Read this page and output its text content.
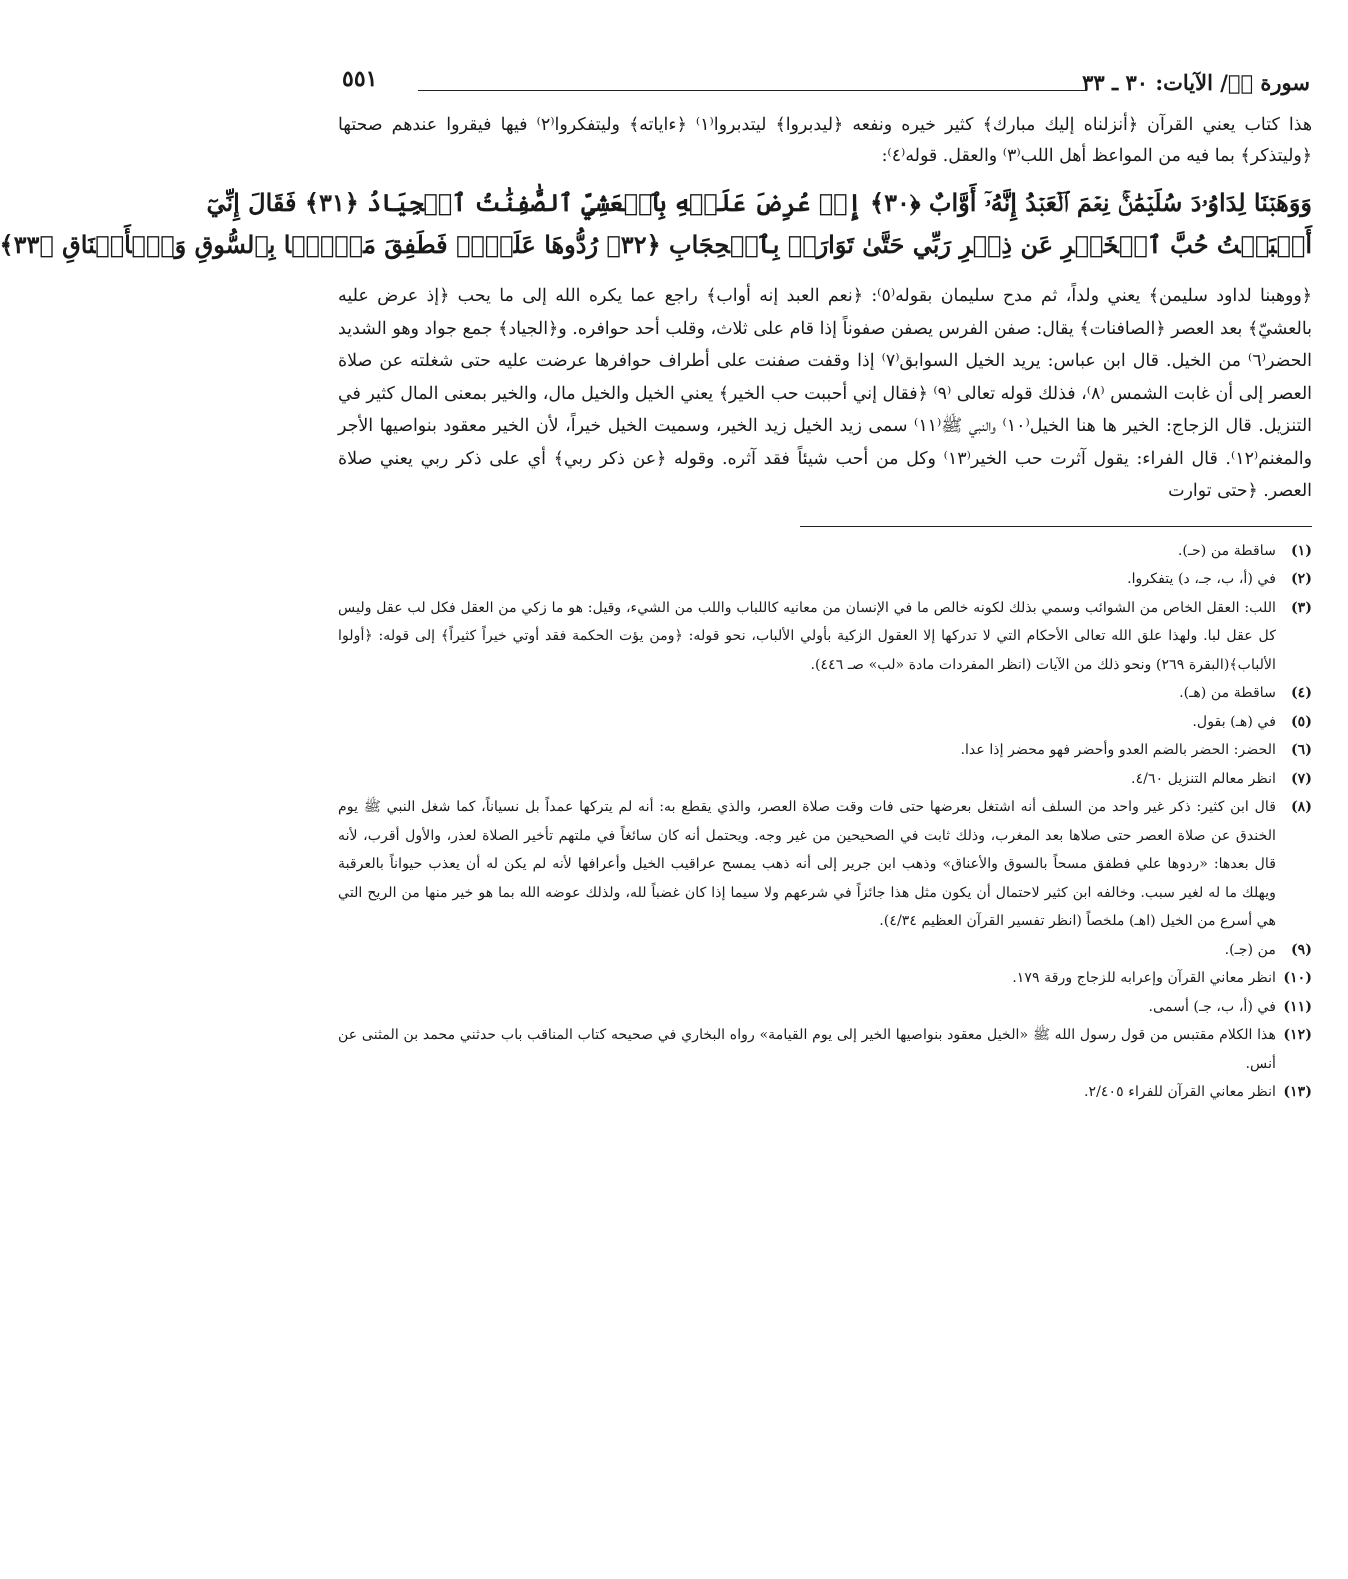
سورة صۤ/ الآيات: ٣٠ ـ ٣٣
٥٥١
هذا كتاب يعني القرآن ﴿أنزلناه إليك مبارك﴾ كثير خيره ونفعه ﴿ليدبروا﴾ ليتدبروا⁽١⁾ ﴿ءاياته﴾ وليتفكروا⁽٢⁾ فيها فيقروا عندهم صحتها ﴿وليتذكر﴾ بما فيه من المواعظ أهل اللب⁽٣⁾ والعقل. قوله⁽٤⁾:
وَوَهَبۡنَا لِدَاوُۥدَ سُلَيۡمَٰنَۚ نِعۡمَ ٱلۡعَبۡدُ إِنَّهُۥٓ أَوَّابٌ ﴿٣٠﴾ إِذۡ عُرِضَ عَلَيۡهِ بِٱلۡعَشِيِّ ٱلصَّٰفِنَٰتُ ٱلۡجِيَادُ ﴿٣١﴾ فَقَالَ إِنِّيٓ
أَحۡبَبۡتُ حُبَّ ٱلۡخَيۡرِ عَن ذِكۡرِ رَبِّي حَتَّىٰ تَوَارَتۡ بِٱلۡحِجَابِ ﴿٣٢﴾ رُدُّوهَا عَلَيَّۖ فَطَفِقَ مَسۡحَۢا بِٱلسُّوقِ وَٱلۡأَعۡنَاقِ ﴿٣٣﴾

﴿ووهبنا لداود سليمن﴾ يعني ولداً، ثم مدح سليمان بقوله⁽٥⁾: ﴿نعم العبد إنه أواب﴾ راجع عما يكره الله إلى ما يحب ﴿إذ عرض عليه بالعشيّ﴾ بعد العصر ﴿الصافنات﴾ يقال: صفن الفرس يصفن صفوناً إذا قام على ثلاث، وقلب أحد حوافره. و﴿الجياد﴾ جمع جواد وهو الشديد الحضر⁽٦⁾ من الخيل. قال ابن عباس: يريد الخيل السوابق⁽٧⁾ إذا وقفت صفنت على أطراف حوافرها عرضت عليه حتى شغلته عن صلاة العصر إلى أن غابت الشمس ⁽٨⁾، فذلك قوله تعالى ⁽٩⁾ ﴿فقال إني أحببت حب الخير﴾ يعني الخيل والخيل مال، والخير بمعنى المال كثير في التنزيل. قال الزجاج: الخير ها هنا الخيل⁽١٠⁾ والنبي ﷺ⁽١١⁾ سمى زيد الخيل زيد الخير، وسميت الخيل خيراً، لأن الخير معقود بنواصيها الأجر والمغنم⁽١٢⁾. قال الفراء: يقول آثرت حب الخير⁽١٣⁾ وكل من أحب شيئاً فقد آثره. وقوله ﴿عن ذكر ربي﴾ أي على ذكر ربي يعني صلاة العصر. ﴿حتى توارت

(١)
ساقطة من (حـ).
(٢)
في (أ، ب، جـ، د) يتفكروا.
(٣)
اللب: العقل الخاص من الشوائب وسمي بذلك لكونه خالص ما في الإنسان من معانيه كاللباب واللب من الشيء، وقيل: هو ما زكي من العقل فكل لب عقل وليس كل عقل لبا. ولهذا علق الله تعالى الأحكام التي لا تدركها إلا العقول الزكية بأولي الألباب، نحو قوله: ﴿ومن يؤت الحكمة فقد أوتي خيراً كثيراً﴾ إلى قوله: ﴿أولوا الألباب﴾(البقرة ٢٦٩) ونحو ذلك من الآيات (انظر المفردات مادة «لب» صـ ٤٤٦).
(٤)
ساقطة من (هـ).
(٥)
في (هـ) بقول.
(٦)
الحضر: الحضر بالضم العدو وأحضر فهو محضر إذا عدا.
(٧)
انظر معالم التنزيل ٤/٦٠.
(٨)
قال ابن كثير: ذكر غير واحد من السلف أنه اشتغل بعرضها حتى فات وقت صلاة العصر، والذي يقطع به: أنه لم يتركها عمداً بل نسياناً، كما شغل النبي ﷺ يوم الخندق عن صلاة العصر حتى صلاها بعد المغرب، وذلك ثابت في الصحيحين من غير وجه. ويحتمل أنه كان سائغاً في ملتهم تأخير الصلاة لعذر، والأول أقرب، لأنه قال بعدها: «ردوها علي فطفق مسحاً بالسوق والأعناق» وذهب ابن جرير إلى أنه ذهب يمسح عراقيب الخيل وأعرافها لأنه لم يكن له أن يعذب حيواناً بالعرقبة ويهلك ما له لغير سبب. وخالفه ابن كثير لاحتمال أن يكون مثل هذا جائزاً في شرعهم ولا سيما إذا كان غضباً لله، ولذلك عوضه الله بما هو خير منها من الريح التي هي أسرع من الخيل (اهـ) ملخصاً (انظر تفسير القرآن العظيم ٤/٣٤).
(٩)
من (جـ).
(١٠)
انظر معاني القرآن وإعرابه للزجاج ورقة ١٧٩.
(١١)
في (أ، ب، جـ) أسمى.
(١٢)
هذا الكلام مقتبس من قول رسول الله ﷺ «الخيل معقود بنواصيها الخير إلى يوم القيامة» رواه البخاري في صحيحه كتاب المناقب باب حدثني محمد بن المثنى عن أنس.
(١٣)
انظر معاني القرآن للفراء ٢/٤٠٥.
